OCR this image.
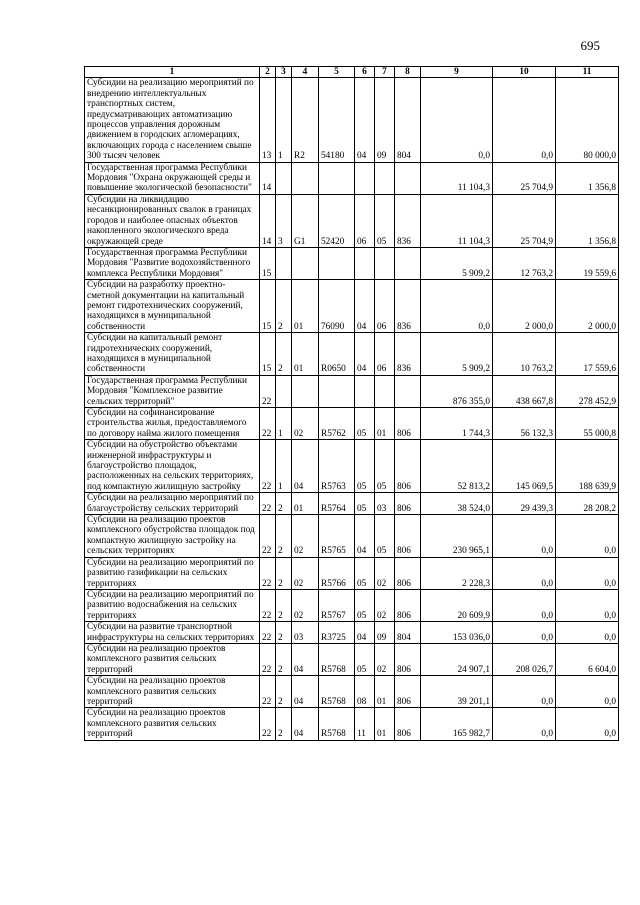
695
1	2	3	4	5	6	7	8	9	10	11
Субсидии на реализацию мероприятий по внедрению интеллектуальных транспортных систем, предусматривающих автоматизацию процессов управления дорожным движением в городских агломерациях, включающих города с населением свыше 300 тысяч человек	13	1	R2	54180	04	09	804	0,0	0,0	80 000,0
Государственная программа Республики Мордовия "Охрана окружающей среды и повышение экологической безопасности"	14							11 104,3	25 704,9	1 356,8
Субсидии на ликвидацию несанкционированных свалок в границах городов и наиболее опасных объектов накопленного экологического вреда окружающей среде	14	3	G1	52420	06	05	836	11 104,3	25 704,9	1 356,8
Государственная программа Республики Мордовия "Развитие водохозяйственного комплекса Республики Мордовия"	15							5 909,2	12 763,2	19 559,6
Субсидии на разработку проектно-сметной документации на капитальный ремонт гидротехнических сооружений, находящихся в муниципальной собственности	15	2	01	76090	04	06	836	0,0	2 000,0	2 000,0
Субсидии на капитальный ремонт гидротехнических сооружений, находящихся в муниципальной собственности	15	2	01	R0650	04	06	836	5 909,2	10 763,2	17 559,6
Государственная программа Республики Мордовия "Комплексное развитие сельских территорий"	22							876 355,0	438 667,8	278 452,9
Субсидии на софинансирование строительства жилья, предоставляемого по договору найма жилого помещения	22	1	02	R5762	05	01	806	1 744,3	56 132,3	55 000,8
Субсидии на обустройство объектами инженерной инфраструктуры и благоустройство площадок, расположенных на сельских территориях, под компактную жилищную застройку	22	1	04	R5763	05	05	806	52 813,2	145 069,5	188 639,9
Субсидии на реализацию мероприятий по благоустройству сельских территорий	22	2	01	R5764	05	03	806	38 524,0	29 439,3	28 208,2
Субсидии на реализацию проектов комплексного обустройства площадок под компактную жилищную застройку на сельских территориях	22	2	02	R5765	04	05	806	230 965,1	0,0	0,0
Субсидии на реализацию мероприятий по развитию газификации на сельских территориях	22	2	02	R5766	05	02	806	2 228,3	0,0	0,0
Субсидии на реализацию мероприятий по развитию водоснабжения на сельских территориях	22	2	02	R5767	05	02	806	20 609,9	0,0	0,0
Субсидии на развитие транспортной инфраструктуры на сельских территориях	22	2	03	R3725	04	09	804	153 036,0	0,0	0,0
Субсидии на реализацию проектов комплексного развития сельских территорий	22	2	04	R5768	05	02	806	24 907,1	208 026,7	6 604,0
Субсидии на реализацию проектов комплексного развития сельских территорий	22	2	04	R5768	08	01	806	39 201,1	0,0	0,0
Субсидии на реализацию проектов комплексного развития сельских территорий	22	2	04	R5768	11	01	806	165 982,7	0,0	0,0
